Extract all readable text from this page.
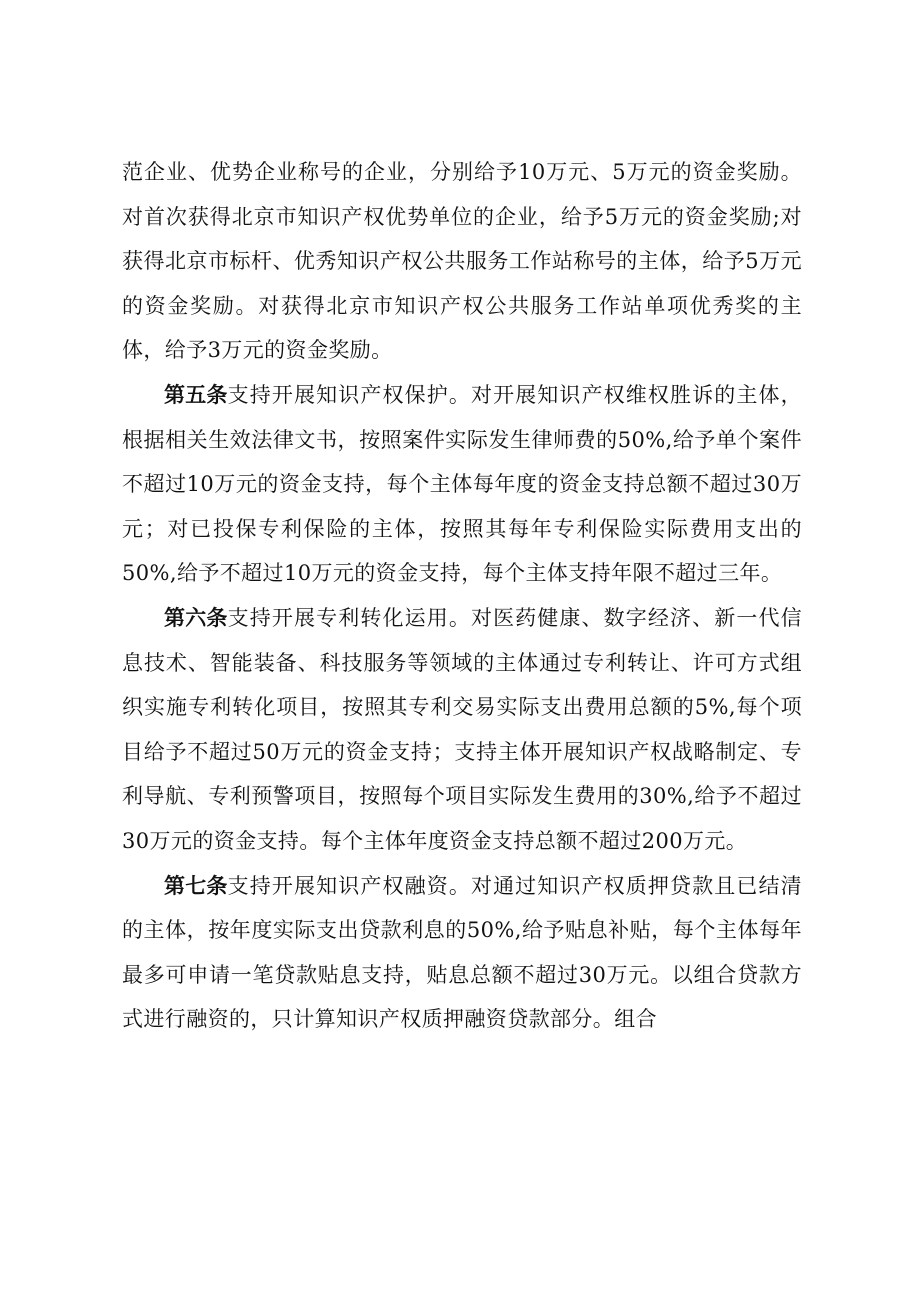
范企业、优势企业称号的企业，分别给予10万元、5万元的资金奖励。对首次获得北京市知识产权优势单位的企业，给予5万元的资金奖励;对获得北京市标杆、优秀知识产权公共服务工作站称号的主体，给予5万元的资金奖励。对获得北京市知识产权公共服务工作站单项优秀奖的主体，给予3万元的资金奖励。

第五条支持开展知识产权保护。对开展知识产权维权胜诉的主体，根据相关生效法律文书，按照案件实际发生律师费的50%,给予单个案件不超过10万元的资金支持，每个主体每年度的资金支持总额不超过30万元；对已投保专利保险的主体，按照其每年专利保险实际费用支出的50%,给予不超过10万元的资金支持，每个主体支持年限不超过三年。

第六条支持开展专利转化运用。对医药健康、数字经济、新一代信息技术、智能装备、科技服务等领域的主体通过专利转让、许可方式组织实施专利转化项目，按照其专利交易实际支出费用总额的5%,每个项目给予不超过50万元的资金支持；支持主体开展知识产权战略制定、专利导航、专利预警项目，按照每个项目实际发生费用的30%,给予不超过30万元的资金支持。每个主体年度资金支持总额不超过200万元。

第七条支持开展知识产权融资。对通过知识产权质押贷款且已结清的主体，按年度实际支出贷款利息的50%,给予贴息补贴，每个主体每年最多可申请一笔贷款贴息支持，贴息总额不超过30万元。以组合贷款方式进行融资的，只计算知识产权质押融资贷款部分。组合
